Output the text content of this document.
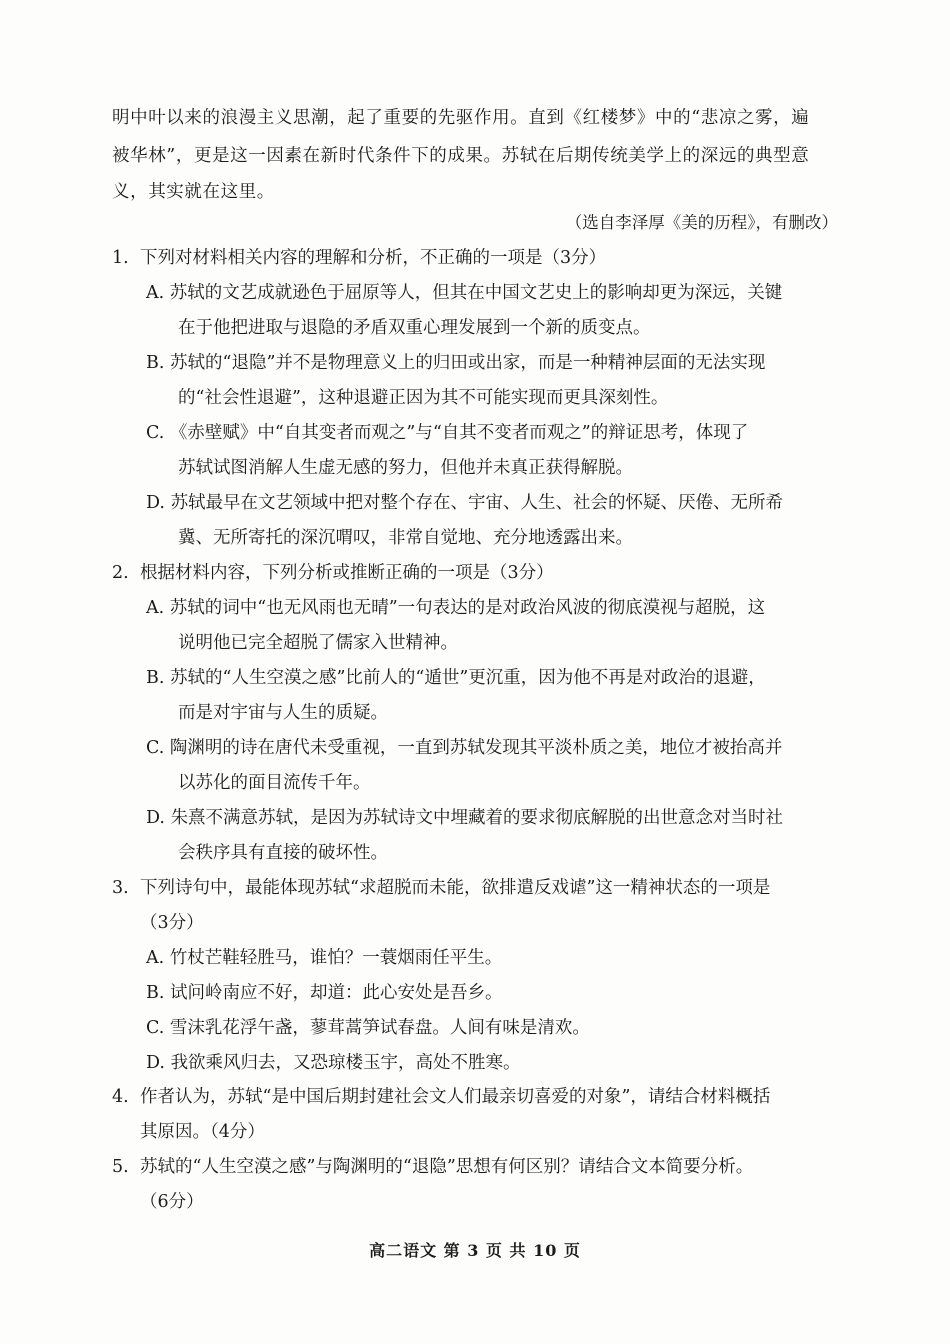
明中叶以来的浪漫主义思潮，起了重要的先驱作用。直到《红楼梦》中的“悲凉之雾，遍
被华林”，更是这一因素在新时代条件下的成果。苏轼在后期传统美学上的深远的典型意
义，其实就在这里。
（选自李泽厚《美的历程》，有删改）
1. 下列对材料相关内容的理解和分析，不正确的一项是（3分）
A. 苏轼的文艺成就逊色于屈原等人，但其在中国文艺史上的影响却更为深远，关键
在于他把进取与退隐的矛盾双重心理发展到一个新的质变点。
B. 苏轼的“退隐”并不是物理意义上的归田或出家，而是一种精神层面的无法实现
的“社会性退避”，这种退避正因为其不可能实现而更具深刻性。
C. 《赤壁赋》中“自其变者而观之”与“自其不变者而观之”的辩证思考，体现了
苏轼试图消解人生虚无感的努力，但他并未真正获得解脱。
D. 苏轼最早在文艺领域中把对整个存在、宇宙、人生、社会的怀疑、厌倦、无所希
冀、无所寄托的深沉喟叹，非常自觉地、充分地透露出来。
2. 根据材料内容，下列分析或推断正确的一项是（3分）
A. 苏轼的词中“也无风雨也无晴”一句表达的是对政治风波的彻底漠视与超脱，这
说明他已完全超脱了儒家入世精神。
B. 苏轼的“人生空漠之感”比前人的“遁世”更沉重，因为他不再是对政治的退避，
而是对宇宙与人生的质疑。
C. 陶渊明的诗在唐代未受重视，一直到苏轼发现其平淡朴质之美，地位才被抬高并
以苏化的面目流传千年。
D. 朱熹不满意苏轼，是因为苏轼诗文中埋藏着的要求彻底解脱的出世意念对当时社
会秩序具有直接的破坏性。
3. 下列诗句中，最能体现苏轼“求超脱而未能，欲排遣反戏谑”这一精神状态的一项是
（3分）
A. 竹杖芒鞋轻胜马，谁怕？一蓑烟雨任平生。
B. 试问岭南应不好，却道：此心安处是吾乡。
C. 雪沫乳花浮午盏，蓼茸蒿笋试春盘。人间有味是清欢。
D. 我欲乘风归去，又恐琼楼玉宇，高处不胜寒。
4. 作者认为，苏轼“是中国后期封建社会文人们最亲切喜爱的对象”，请结合材料概括
其原因。（4分）
5. 苏轼的“人生空漠之感”与陶渊明的“退隐”思想有何区别？请结合文本简要分析。
（6分）
高二语文 第 3 页 共 10 页
